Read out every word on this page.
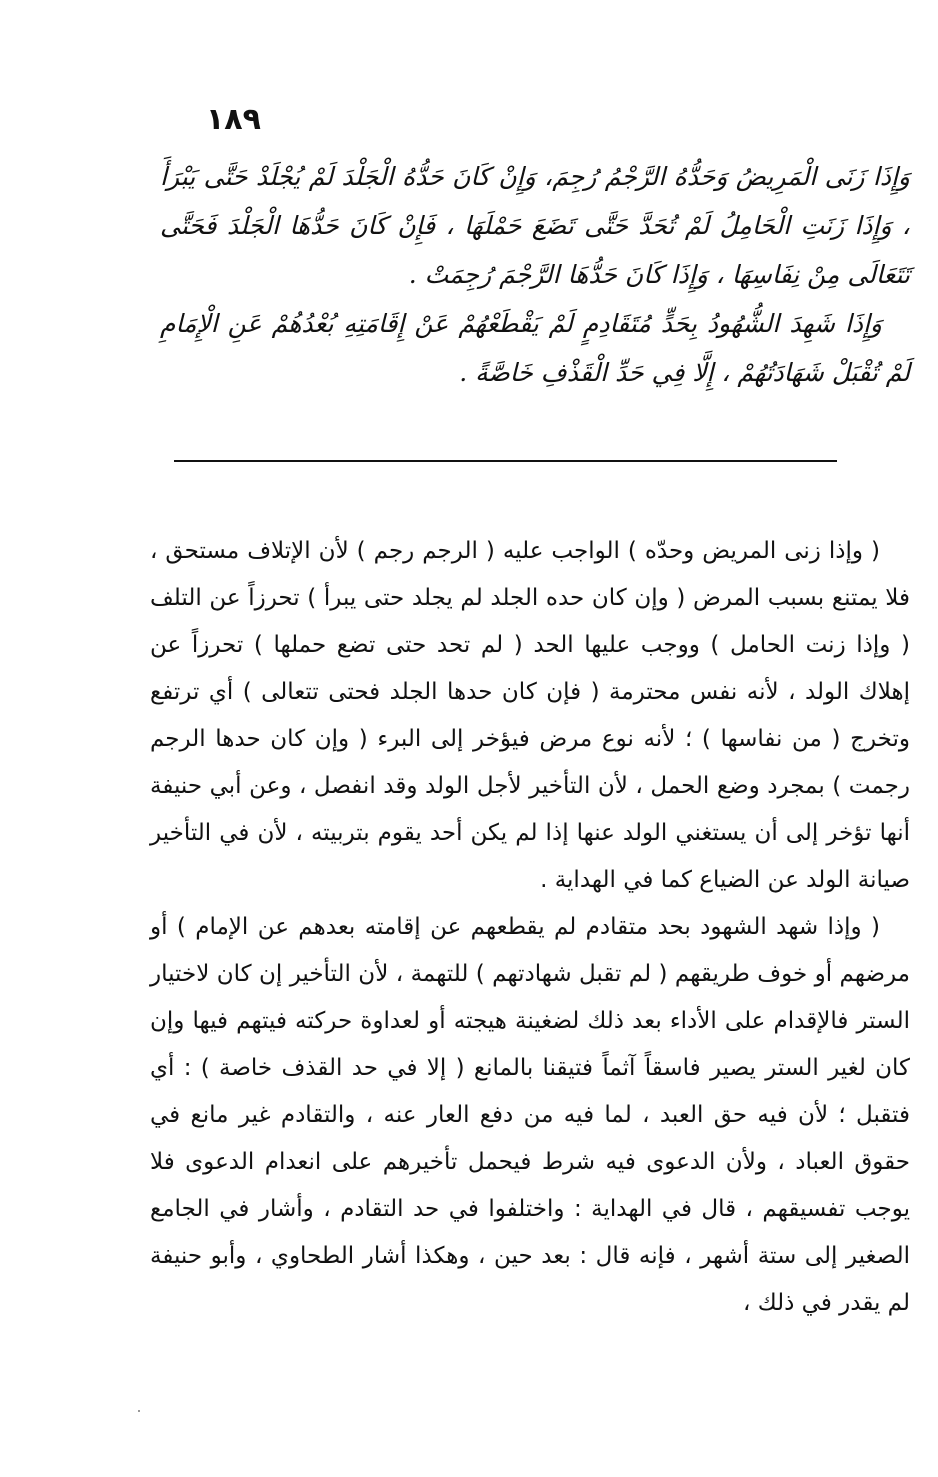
١٨٩

وَإِذَا زَنَى الْمَرِيضُ وَحَدُّهُ الرَّجْمُ رُجِمَ، وَإِنْ كَانَ حَدُّهُ الْجَلْدَ لَمْ يُجْلَدْ حَتَّى يَبْرَأَ ، وَإِذَا زَنَتِ الْحَامِلُ لَمْ تُحَدَّ حَتَّى تَضَعَ حَمْلَهَا ، فَإِنْ كَانَ حَدُّهَا الْجَلْدَ فَحَتَّى تَتَعَالَى مِنْ نِفَاسِهَا ، وَإِذَا كَانَ حَدُّهَا الرَّجْمَ رُجِمَتْ .

وَإِذَا شَهِدَ الشُّهُودُ بِحَدٍّ مُتَقَادِمٍ لَمْ يَقْطَعْهُمْ عَنْ إِقَامَتِهِ بُعْدُهُمْ عَنِ الْإِمَامِ لَمْ تُقْبَلْ شَهَادَتُهُمْ ، إِلَّا فِي حَدِّ الْقَذْفِ خَاصَّةً .

( وإذا زنى المريض وحدّه ) الواجب عليه ( الرجم رجم ) لأن الإتلاف مستحق ، فلا يمتنع بسبب المرض ( وإن كان حده الجلد لم يجلد حتى يبرأ ) تحرزاً عن التلف ( وإذا زنت الحامل ) ووجب عليها الحد ( لم تحد حتى تضع حملها ) تحرزاً عن إهلاك الولد ، لأنه نفس محترمة ( فإن كان حدها الجلد فحتى تتعالى ) أي ترتفع وتخرج ( من نفاسها ) ؛ لأنه نوع مرض فيؤخر إلى البرء ( وإن كان حدها الرجم رجمت ) بمجرد وضع الحمل ، لأن التأخير لأجل الولد وقد انفصل ، وعن أبي حنيفة أنها تؤخر إلى أن يستغني الولد عنها إذا لم يكن أحد يقوم بتربيته ، لأن في التأخير صيانة الولد عن الضياع كما في الهداية .

( وإذا شهد الشهود بحد متقادم لم يقطعهم عن إقامته بعدهم عن الإمام ) أو مرضهم أو خوف طريقهم ( لم تقبل شهادتهم ) للتهمة ، لأن التأخير إن كان لاختيار الستر فالإقدام على الأداء بعد ذلك لضغينة هيجته أو لعداوة حركته فيتهم فيها وإن كان لغير الستر يصير فاسقاً آثماً فتيقنا بالمانع ( إلا في حد القذف خاصة ) : أي فتقبل ؛ لأن فيه حق العبد ، لما فيه من دفع العار عنه ، والتقادم غير مانع في حقوق العباد ، ولأن الدعوى فيه شرط فيحمل تأخيرهم على انعدام الدعوى فلا يوجب تفسيقهم ، قال في الهداية : واختلفوا في حد التقادم ، وأشار في الجامع الصغير إلى ستة أشهر ، فإنه قال : بعد حين ، وهكذا أشار الطحاوي ، وأبو حنيفة لم يقدر في ذلك ،
